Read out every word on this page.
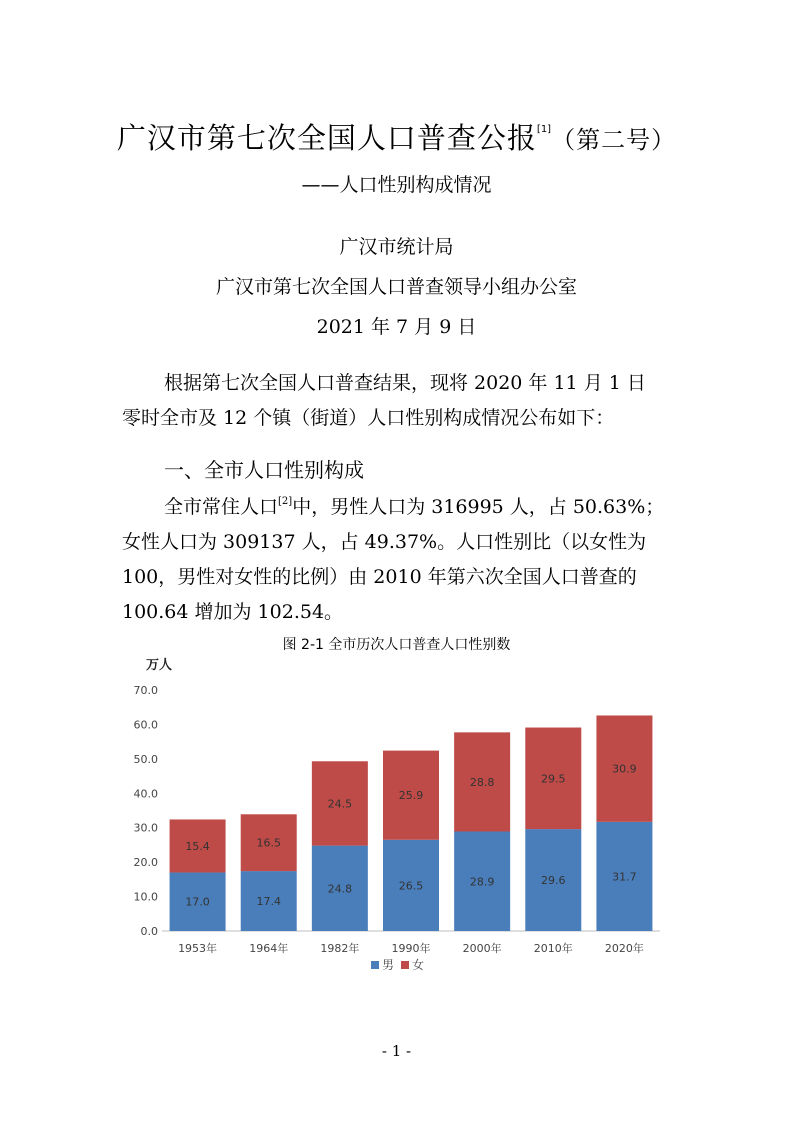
广汉市第七次全国人口普查公报[1]（第二号）
——人口性别构成情况
广汉市统计局
广汉市第七次全国人口普查领导小组办公室
2021 年 7 月 9 日
根据第七次全国人口普查结果，现将 2020 年 11 月 1 日
零时全市及 12 个镇（街道）人口性别构成情况公布如下：
一、全市人口性别构成
全市常住人口[2]中，男性人口为 316995 人，占 50.63%；
女性人口为 309137 人，占 49.37%。人口性别比（以女性为
100，男性对女性的比例）由 2010 年第六次全国人口普查的
100.64 增加为 102.54。
图 2-1 全市历次人口普查人口性别数
万人
0.0
10.0
20.0
30.0
40.0
50.0
60.0
70.0
17.0
15.4
1953年
17.4
16.5
1964年
24.8
24.5
1982年
26.5
25.9
1990年
28.9
28.8
2000年
29.6
29.5
2010年
31.7
30.9
2020年
男 女
- 1 -
